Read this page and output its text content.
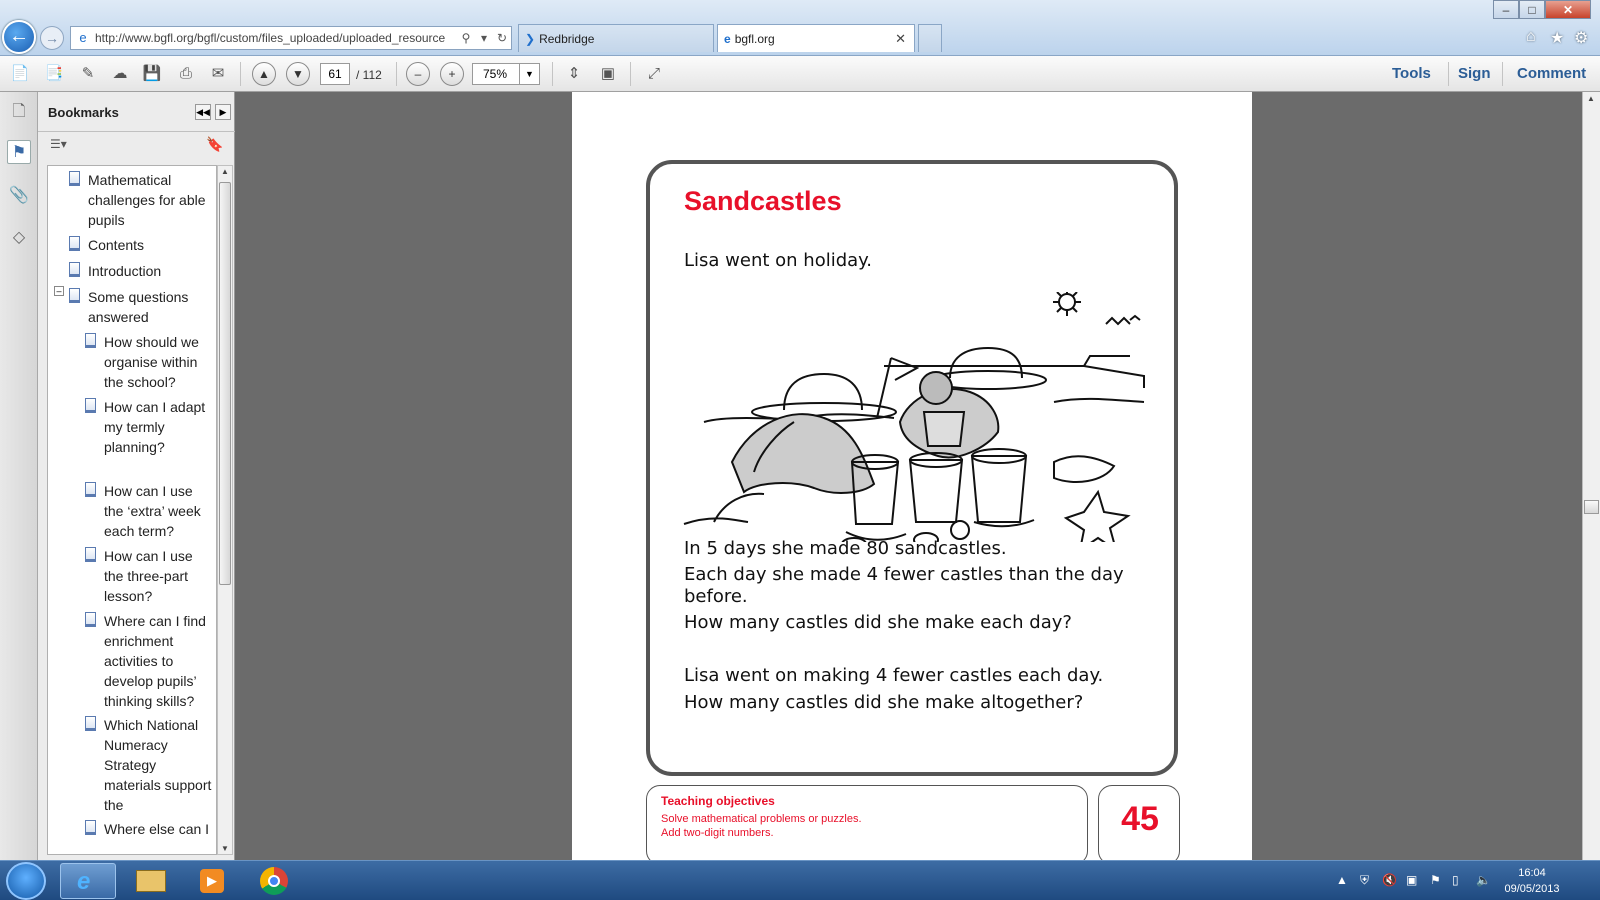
←	→	e http://www.bgfl.org/bgfl/custom/files_uploaded/uploaded_resource	⚲ ▾ ↻	❯ Redbridge	e bgfl.org	✕
–	□	✕
⌂ ★ ⚙
📄 📑	✎	☁	💾	⎙	✉	▲	▼	61	/ 112	–	+	75%	▼	⇕	▣	⤢	Tools Sign Comment
🗋
⚑
📎
◇
Bookmarks	◀◀	▶
☰▾	🔖
Mathematical challenges for able pupils
Contents
Introduction
– Some questions answered
How should we organise within the school?
How can I adapt my termly planning?
How can I use the ‘extra’ week each term?
How can I use the three-part lesson?
Where can I find enrichment activities to develop pupils’ thinking skills?
Which National Numeracy Strategy materials support the
Where else can I
▲
▼
Sandcastles
Lisa went on holiday.
In 5 days she made 80 sandcastles.
Each day she made 4 fewer castles than the day before.
How many castles did she make each day?
Lisa went on making 4 fewer castles each day.
How many castles did she make altogether?
Teaching objectives
Solve mathematical problems or puzzles.
Add two-digit numbers.	45
▲
e	▶	▲ ⛨ 🔇 ▣ ⚑ ▯ 🔈	16:04
09/05/2013
